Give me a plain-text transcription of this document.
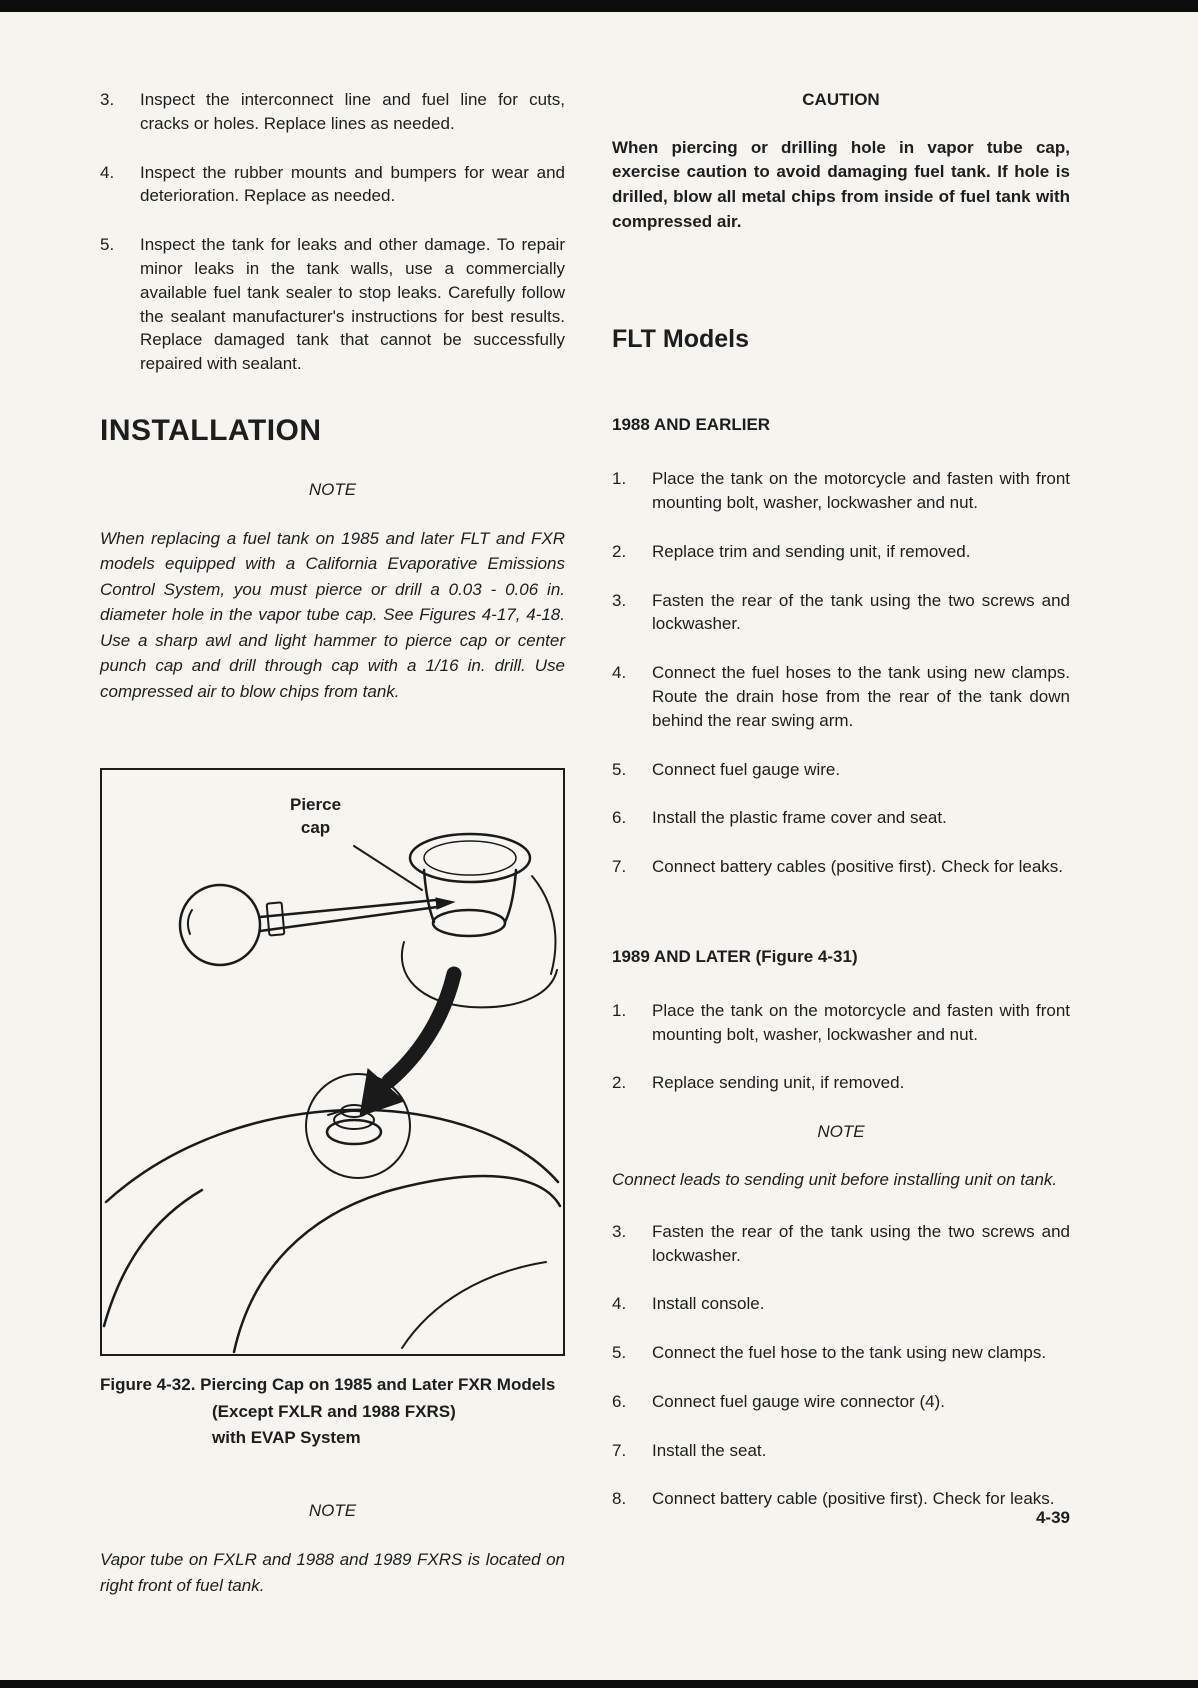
3.	Inspect the interconnect line and fuel line for cuts, cracks or holes. Replace lines as needed.
4.	Inspect the rubber mounts and bumpers for wear and deterioration. Replace as needed.
5.	Inspect the tank for leaks and other damage. To repair minor leaks in the tank walls, use a commercially available fuel tank sealer to stop leaks. Carefully follow the sealant manufacturer's instructions for best results. Replace damaged tank that cannot be successfully repaired with sealant.
INSTALLATION
NOTE
When replacing a fuel tank on 1985 and later FLT and FXR models equipped with a California Evaporative Emissions Control System, you must pierce or drill a 0.03 - 0.06 in. diameter hole in the vapor tube cap. See Figures 4-17, 4-18. Use a sharp awl and light hammer to pierce cap or center punch cap and drill through cap with a 1/16 in. drill. Use compressed air to blow chips from tank.
Pierce
cap
Figure 4-32. Piercing Cap on 1985 and Later FXR Models
(Except FXLR and 1988 FXRS)
with EVAP System
NOTE
Vapor tube on FXLR and 1988 and 1989 FXRS is located on right front of fuel tank.
CAUTION
When piercing or drilling hole in vapor tube cap, exercise caution to avoid damaging fuel tank. If hole is drilled, blow all metal chips from inside of fuel tank with compressed air.
FLT Models
1988 AND EARLIER
1.	Place the tank on the motorcycle and fasten with front mounting bolt, washer, lockwasher and nut.
2.	Replace trim and sending unit, if removed.
3.	Fasten the rear of the tank using the two screws and lockwasher.
4.	Connect the fuel hoses to the tank using new clamps. Route the drain hose from the rear of the tank down behind the rear swing arm.
5.	Connect fuel gauge wire.
6.	Install the plastic frame cover and seat.
7.	Connect battery cables (positive first). Check for leaks.
1989 AND LATER (Figure 4-31)
1.	Place the tank on the motorcycle and fasten with front mounting bolt, washer, lockwasher and nut.
2.	Replace sending unit, if removed.
NOTE
Connect leads to sending unit before installing unit on tank.
3.	Fasten the rear of the tank using the two screws and lockwasher.
4.	Install console.
5.	Connect the fuel hose to the tank using new clamps.
6.	Connect fuel gauge wire connector (4).
7.	Install the seat.
8.	Connect battery cable (positive first). Check for leaks.
4-39
